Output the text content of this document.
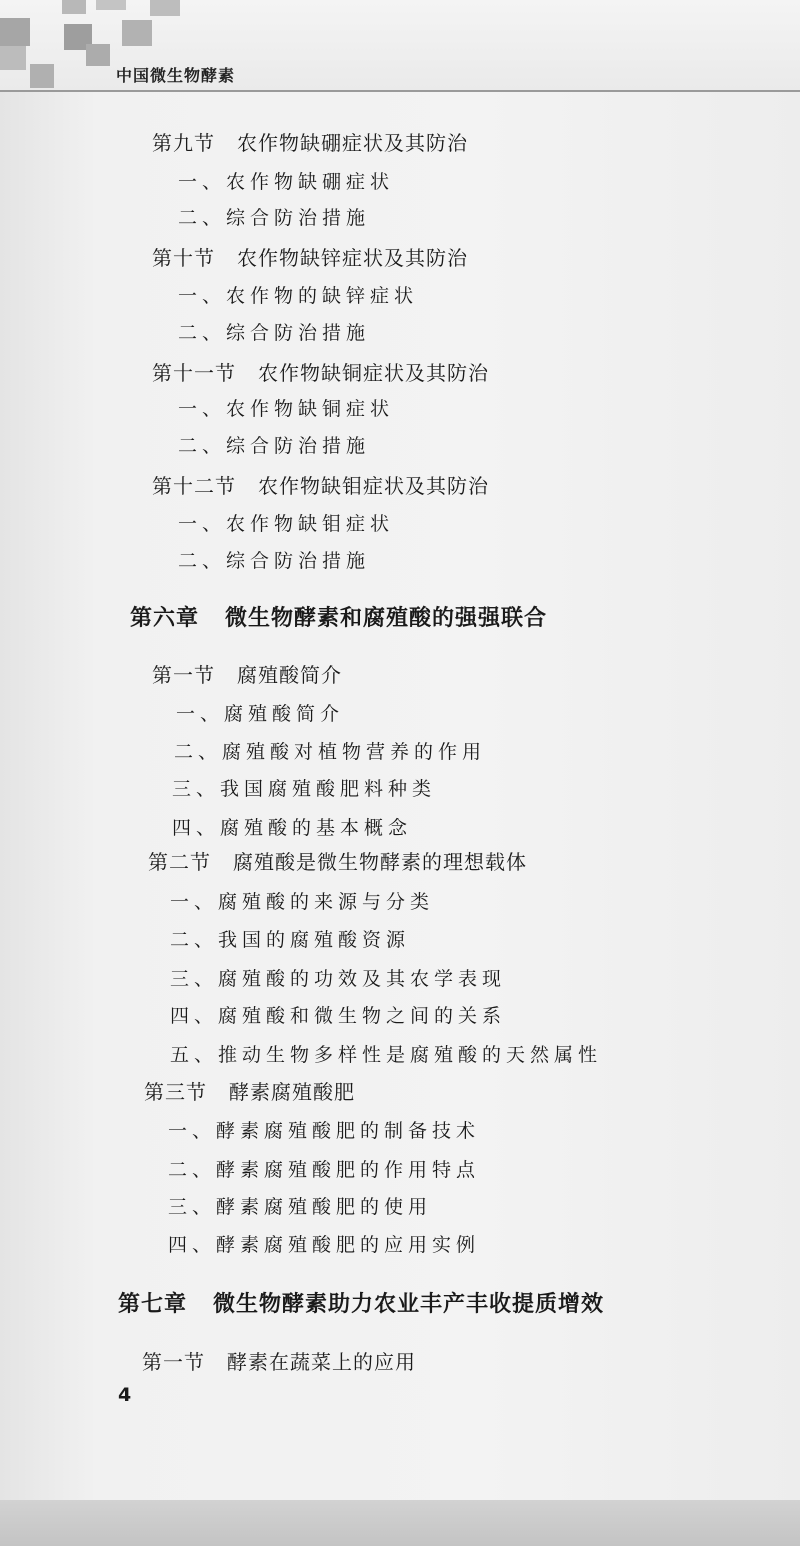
中国微生物酵素
第九节 农作物缺硼症状及其防治
一、农作物缺硼症状
二、综合防治措施
第十节 农作物缺锌症状及其防治
一、农作物的缺锌症状
二、综合防治措施
第十一节 农作物缺铜症状及其防治
一、农作物缺铜症状
二、综合防治措施
第十二节 农作物缺钼症状及其防治
一、农作物缺钼症状
二、综合防治措施
第六章 微生物酵素和腐殖酸的强强联合
第一节 腐殖酸简介
一、腐殖酸简介
二、腐殖酸对植物营养的作用
三、我国腐殖酸肥料种类
四、腐殖酸的基本概念
第二节 腐殖酸是微生物酵素的理想载体
一、腐殖酸的来源与分类
二、我国的腐殖酸资源
三、腐殖酸的功效及其农学表现
四、腐殖酸和微生物之间的关系
五、推动生物多样性是腐殖酸的天然属性
第三节 酵素腐殖酸肥
一、酵素腐殖酸肥的制备技术
二、酵素腐殖酸肥的作用特点
三、酵素腐殖酸肥的使用
四、酵素腐殖酸肥的应用实例
第七章 微生物酵素助力农业丰产丰收提质增效
第一节 酵素在蔬菜上的应用
4
